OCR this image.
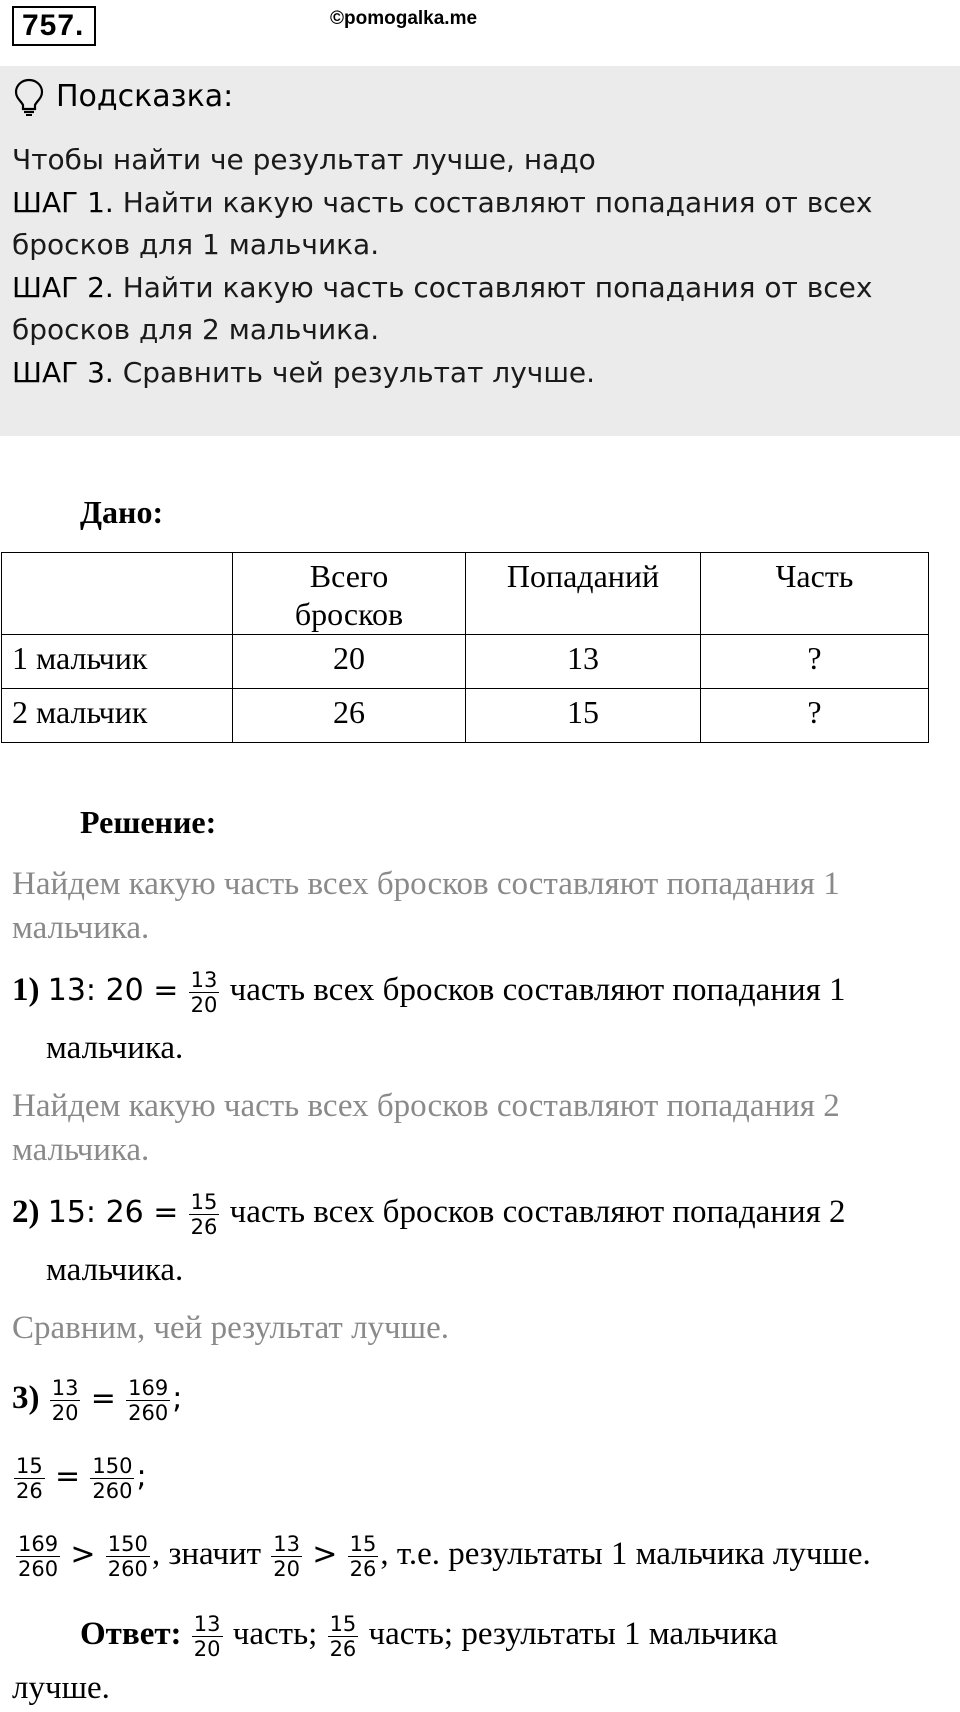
757.	©pomogalka.me
Подсказка:
Чтобы найти че результат лучше, надо
ШАГ 1. Найти какую часть составляют попадания от всех
бросков для 1 мальчика.
ШАГ 2. Найти какую часть составляют попадания от всех
бросков для 2 мальчика.
ШАГ 3. Сравнить чей результат лучше.
Дано:
	Всего
бросков	Попаданий	Часть
1 мальчик	20	13	?
2 мальчик	26	15	?
Решение:
Найдем какую часть всех бросков составляют попадания 1
мальчика.
1) 13: $20 = \frac{13}{20}$ часть всех бросков составляют попадания 1
мальчика.
Найдем какую часть всех бросков составляют попадания 2
мальчика.
2) 15: $26 = \frac{15}{26}$ часть всех бросков составляют попадания 2
мальчика.
Сравним, чей результат лучше.
$3) \frac{13}{20} = \frac{169}{260}$ ;
$\frac{15}{26} = \frac{150}{260}$ ;
$\frac{169}{260} > \frac{150}{260}$ , значит $\frac{13}{20} > \frac{15}{26}$ , т.е. результаты 1 мальчика лучше.
Ответ: $\frac{13}{20}$ часть; $\frac{15}{26}$ часть; результаты 1 мальчика
лучше.
